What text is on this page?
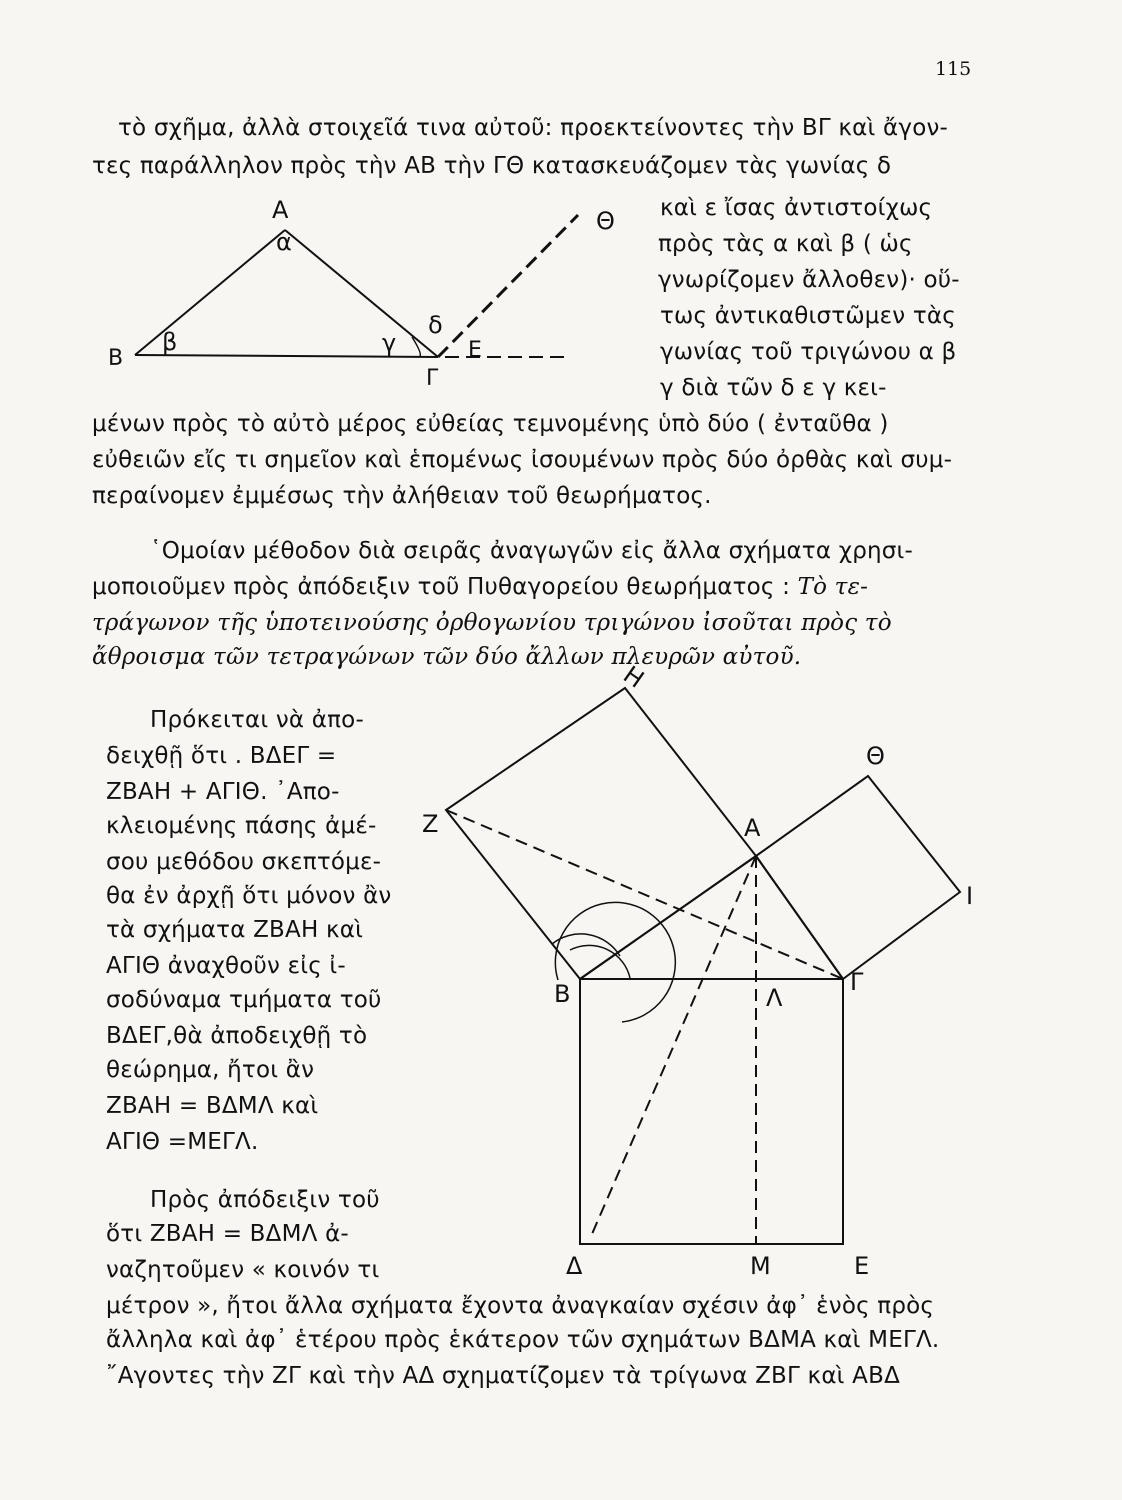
115
τὸ σχῆμα, ἀλλὰ στοιχεῖά τινα αὐτοῦ: προεκτείνοντες τὴν ΒΓ καὶ ἄγον-
τες παράλληλον πρὸς τὴν ΑΒ τὴν ΓΘ κατασκευάζομεν τὰς γωνίας δ
Α
α
Β
β	γ
δ
Ε
Γ
Θ καὶ ε ἴσας ἀντιστοίχως
πρὸς τὰς α καὶ β ( ὡς
γνωρίζομεν ἄλλοθεν)· οὕ-
τως ἀντικαθιστῶμεν τὰς
γωνίας τοῦ τριγώνου α β
γ διὰ τῶν δ ε γ κει-
μένων πρὸς τὸ αὐτὸ μέρος εὐθείας τεμνομένης ὑπὸ δύο ( ἐνταῦθα )
εὐθειῶν εἴς τι σημεῖον καὶ ἑπομένως ἰσουμένων πρὸς δύο ὀρθὰς καὶ συμ-
περαίνομεν ἐμμέσως τὴν ἀλήθειαν τοῦ θεωρήματος.
῾Ομοίαν μέθοδον διὰ σειρᾶς ἀναγωγῶν εἰς ἄλλα σχήματα χρησι-
μοποιοῦμεν πρὸς ἀπόδειξιν τοῦ Πυθαγορείου θεωρήματος : Τὸ τε-
τράγωνον τῆς ὑποτεινούσης ὀρθογωνίου τριγώνου ἰσοῦται πρὸς τὸ
ἄθροισμα τῶν τετραγώνων τῶν δύο ἄλλων πλευρῶν αὐτοῦ.
Πρόκειται νὰ ἀπο-
δειχθῇ ὅτι . ΒΔΕΓ =
ΖΒΑΗ + ΑΓΙΘ. ᾽Απο-
κλειομένης πάσης ἀμέ-
σου μεθόδου σκεπτόμε-
θα ἐν ἀρχῇ ὅτι μόνον ἂν
τὰ σχήματα ΖΒΑΗ καὶ
ΑΓΙΘ ἀναχθοῦν εἰς ἰ-
σοδύναμα τμήματα τοῦ
ΒΔΕΓ,θὰ ἀποδειχθῇ τὸ
θεώρημα, ἤτοι ἂν
ΖΒΑΗ = ΒΔΜΛ καὶ
ΑΓΙΘ =ΜΕΓΛ.
Πρὸς ἀπόδειξιν τοῦ
ὅτι ΖΒΑΗ = ΒΔΜΛ ἀ-
ναζητοῦμεν « κοινόν τι
Η
Θ
Ζ	Α
Ι
Β	Λ
Γ
Δ	Μ	Ε
μέτρον », ἤτοι ἄλλα σχήματα ἔχοντα ἀναγκαίαν σχέσιν ἀφ᾽ ἑνὸς πρὸς
ἄλληλα καὶ ἀφ᾽ ἑτέρου πρὸς ἑκάτερον τῶν σχημάτων ΒΔΜΑ καὶ ΜΕΓΛ.
῎Αγοντες τὴν ΖΓ καὶ τὴν ΑΔ σχηματίζομεν τὰ τρίγωνα ΖΒΓ καὶ ΑΒΔ
